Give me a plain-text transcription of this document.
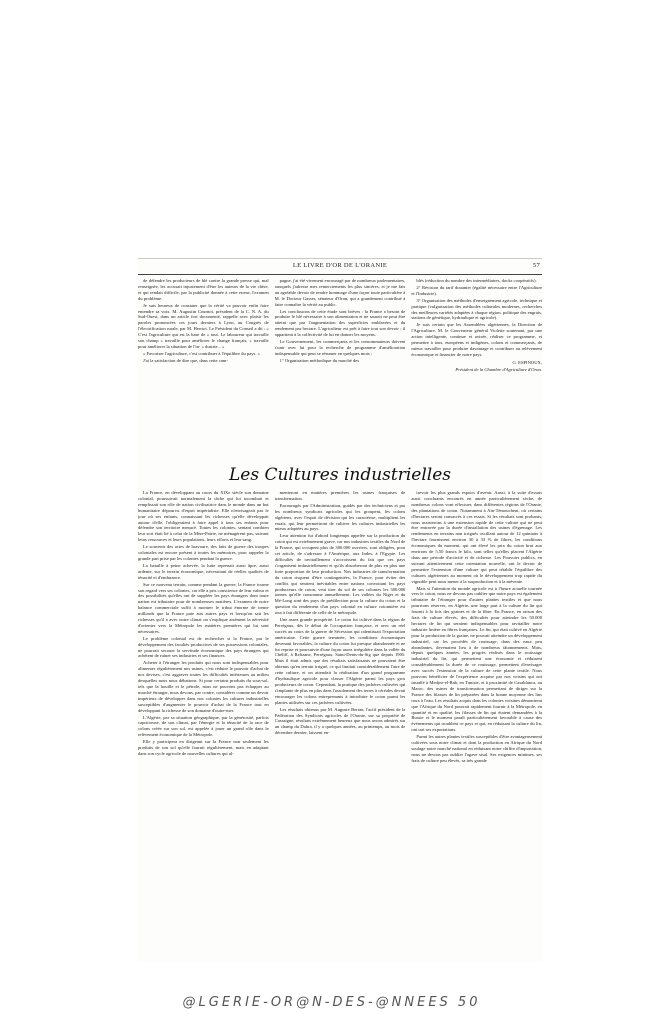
LE LIVRE D'OR DE L'ORANIE	57

de défendre les producteurs de blé contre la grande presse qui, mal renseignée, les accusait injustement d'être les auteurs de la vie chère, et qui rendait difficile, par la publicité donnée à cette erreur, l'examen du problème.

Je suis heureux de constater que la vérité va pouvoir enfin faire entendre sa voix. M. Augustin Cournot, président de la C. N. A. du Sud-Ouest, dans un article fort documenté, rappelle avec plaisir les paroles prononcées ces jours derniers à Lyon, au Congrès de l'électrification rurale, par M. Herriot. Le Président du Conseil a dit : « C'est l'agriculture qui est la base de » tout. Le laboureur qui travaille son champ » travaille pour améliorer le change français, » travaille pour améliorer la situation de l'in- » dustrie... »

« Favoriser l'agriculture, c'est contribuer à l'équilibre du pays. »

J'ai la satisfaction de dire que, dans cette cam-

pagne, j'ai été vivement encouragé par de nombreux parlementaires, auxquels j'adresse mes remerciements les plus sincères, et je me fais un agréable devoir de rendre hommage d'une façon toute particulière à M. le Docteur Gasser, sénateur d'Oran, qui a grandement contribué à faire connaître la vérité au public.

Les conclusions de cette étude sont brèves : la France a besoin de produire le blé nécessaire à son alimentation et ne saurait ne peut être atteint que par l'augmentation des superficies emblavées et du rendement par hectare. L'agriculteur est prêt à faire tout son devoir ; il appartient à la collectivité de lui en donner les moyens.

Le Gouvernement, les commerçants et les consommateurs doivent s'unir avec lui pour la recherche de programme d'amélioration indispensable qui peut se résumer en quelques mots :

1° Organisation méthodique du marché des

blés (réduction du nombre des intermédiaires, docks coopératifs).

2° Révision du tarif douanier (égalité nécessaire entre l'Agriculture et l'Industrie).

3° Organisation des méthodes d'enseignement agricole, technique et pratique (vulgarisation des méthodes culturales modernes, recherches des meilleures variétés adaptées à chaque région, politique des engrais, stations de génétique, hydraulique et agricole).

Je suis certain que les Assemblées algériennes, la Direction de l'Agriculture, M. le Gouverneur général Violette soutenant, par une action intelligente, continue et avisée, réaliser ce programme, et permettre à tous, européens et indigènes, colons et commerçants, de mieux travailler pour produire davantage et contribuer au relèvement économique et financier de notre pays.

G. ESPINOUX,

Président de la Chambre d'Agriculture d'Oran.

Les Cultures industrielles

La France, en développant au cours du XIXe siècle son domaine colonial, poursuivait normalement la tâche qui lui incombait et remplissait son rôle de nation civilisatrice dans le monde dans un but humanitaire dépourvu d'esprit impérialiste. Elle n'envisageait pas le jour où ses enfants, connaissant les richesses qu'elle développait autour d'elle, l'obligeraient à faire appel à tous ses enfants pour défendre son territoire menacé. Toutes les colonies, sentant combien leur sort était lié à celui de la Mère-Patrie, ne ménagèrent pas, suivant leurs ressources et leurs populations, leurs efforts et leur sang.

Le souvenir des actes de bravoure, des faits de guerre des troupes coloniales est encore présent à toutes les mémoires, pour rappeler la grande part prise par les colonies pendant la guerre.

La bataille à peine achevée, la lutte reprenait aussi âpre, aussi ardente, sur le terrain économique, nécessitant de réelles qualités de ténacité et d'endurance.

Sur ce nouveau terrain, comme pendant la guerre, la France tourne son regard vers ses colonies, car elle a pris conscience de leur valeur et des possibilités qu'elles ont de suppléer les pays étrangers dont toute nation est tributaire pour de nombreuses matières. L'examen de notre balance commerciale suffit à montrer le tribut énorme de trente milliards que la France paie aux autres pays et lorsqu'on sait les richesses qu'il a avec notre climat on s'explique aisément la nécessité d'orienter vers la Métropole les matières premières qui lui sont nécessaires.

Le problème colonial est de rechercher si la France, par le développement des facultés productives de ses possessions coloniales, ne pourrait secouer la servitude économique des pays étrangers qui achètent de ruiner ses industries et ses finances.

Acheter à l'étranger les produits qui nous sont indispensables pour alimenter régulièrement nos usines, c'est réduire le pouvoir d'achat de nos devises, c'est aggraver toutes les difficultés intérieures au milieu desquelles nous nous débattons. Si pour certains produits du sous-sol, tels que la houille et le pétrole, nous ne pouvons pas échapper au marché étranger, nous devons, par contre, considérer comme un devoir impérieux de développer dans nos colonies les cultures industrielles susceptibles d'augmenter le pouvoir d'achat de la France tout en développant la richesse de son domaine d'outre-mer.

L'Algérie, par sa situation géographique, par la générosité, parfois capricieuse, de son climat, par l'énergie et la ténacité de la race de colons créée sur son sol, est appelée à jouer un grand rôle dans le relèvement économique de la Métropole.

Elle y participera en dirigeant sur la France non seulement les produits de son sol qu'elle fournit régulièrement, mais en adaptant dans son cycle agricole de nouvelles cultures qui al-

menteront en matières premières les usines françaises de transformation.

Encouragés par l'Administration, guidés par des techniciens et par les nombreux syndicats agricoles qui les groupent, les colons algériens, avec l'esprit de décision qui les caractérise, multiplient les essais, qui leur permettront de cultiver les cultures industrielles les mieux adaptées au pays.

Leur attention fut d'abord longtemps appelée sur la production du coton qui est extrêmement grave, car nos industries textiles du Nord de la France, qui occupent plus de 300.000 ouvriers, sont obligées, pour cet article, de s'adresser à l'Amérique, aux Indes, à l'Egypte. Les difficultés de ravitaillement s'accroissent du fait que ces pays s'organisent industriellement et qu'ils absorberont de plus en plus une forte proportion de leur production. Nos industries de transformation du coton risquent d'être contingentées, la France, pour éviter des conflits qui seraient inévitables entre nations convoitant les pays producteurs de coton, veut tirer du sol de ses colonies les 300.000 tonnes qu'elle consomme annuellement. Les vallées du Niger et du Mé-Long sont des pays de prédilection pour la culture du coton et la question du rendement d'un pays colonial en culture cotonnière est tout à fait différente de celle de la métropole.

Une assez grande prospérité. Le coton fut cultivé dans la région de Perrégaux, dès le début de l'occupation française, et avec un réel succès au cours de la guerre de Sécession qui ralentissait l'exportation américaine. Cette guerre terminée, les conditions économiques devenant favorables, la culture du coton fut presque abandonnée et ne fut reprise et poursuivie d'une façon assez irrégulière dans la vallée du Chéliff, à Relizane, Perrégaux, Saint-Denis-du-Sig que depuis 1905. Mais il était admis que des résultats satisfaisants ne pouvaient être obtenus qu'en terrain irrigué, ce qui limitait considérablement l'aire de cette culture, et on attendait la réalisation d'un grand programme d'hydraulique agricole pour classer l'Algérie parmi les pays gros producteurs de coton. Cependant, la pratique des jachères cultivées qui s'implante de plus en plus dans l'assolement des terres à céréales devait encourager les colons entreprenants à introduire le coton parmi les plantes utilisées sur ces jachères cultivées.

Les résultats obtenus par M. Auguste Berian, l'actif président de la Fédération des Syndicats agricoles de l'Oranie, sur sa propriété de Cassaigne, résultats extrêmement heureux que nous avons admirés sur un champ du Dahra, il y a quelques années, au printemps, au mois de décembre dernier, laissent en-

trevoir les plus grands espoirs d'avenir. Aussi, à la suite d'essais aussi concluants encourés en année particulièrement sèche, de nombreux colons vont effectuer, dans différentes régions de l'Oranie, des plantations de coton. Notamment à Aïn-Témouchent, où certains d'hectares seront consacrés à ces essais. Si les résultats sont probants, nous assisterons à une extension rapide de cette culture qui ne peut être entravée par la durée d'installation des usines d'égrenage. Les rendements en terrains non irrigués oscillant autour de 12 quintaux à l'hectare fournissent environ 30 à 33 % de fibres, les conditions économiques du moment, qui ont élevé les prix du coton brut aux environs de 5,50 francs le kilo, sont telles qu'elles placent l'Algérie dans une période d'activité et de richesse. Les Pouvoirs publics, en suivant attentivement cette orientation nouvelle, ont le devoir de permettre l'extension d'une culture qui peut rétablir l'équilibre des cultures algériennes au moment où le développement trop rapide du vignoble peut nous mener à la surproduction et à la mévente.

Mais si l'attention du monde agricole est à l'heure actuelle tournée vers le coton, nous ne devons pas oublier que notre pays est également tributaire de l'étranger pour d'autres plantes textiles et que nous pourrions réserver, en Algérie, une large part à la culture du lin qui fournit à la fois des graines et de la fibre. En France, en raison des frais de culture élevés, des difficultés pour atteindre les 50.000 hectares de lin qui seraient indispensables pour ravitailler notre industrie linière en fibres françaises. Le lin, qui était cultivé en Algérie pour la production de la graine, ne pouvait atteindre un développement industriel, car les procédés de rouissage, dans des eaux peu abondantes, devenaient lieu à de nombreux tâtonnements. Mais, depuis quelques années, les progrès réalisés dans le rouissage industriel du lin, qui permettent une économie et réduisent considérablement la durée de ce rouissage, permettent d'envisager avec succès l'extension de la culture de cette plante textile. Nous pouvons bénéficier de l'expérience acquise par nos voisins qui ont installé à Medjez-el-Bab, en Tunisie, et à proximité de Casablanca, au Maroc, des usines de transformation permettant de diriger sur la France des filasses de lin préparées dans la bonne moyenne des lins roux à l'eau. Les résultats acquis dans les colonies voisines démontrent que l'Afrique du Nord pourrait rapidement fournir à la Métropole, en quantité et en qualité, les filasses de lin qui étaient demandées à la Russie et le moment paraît particulièrement favorable à cause des événements qui troublent ce pays et qui, en réduisant la culture du lin, ont tari ses exportations.

Parmi les autres plantes textiles susceptibles d'être avantageusement cultivées sous notre climat et dont la production en Afrique du Nord soulage notre marché national en réduisant notre chiffre d'importation, nous ne devons pas oublier l'agave sisal. Ses exigences minimes, ses frais de culture peu élevés, sa très grande

@LGERIE-OR@N-DES-@NNEES 50
